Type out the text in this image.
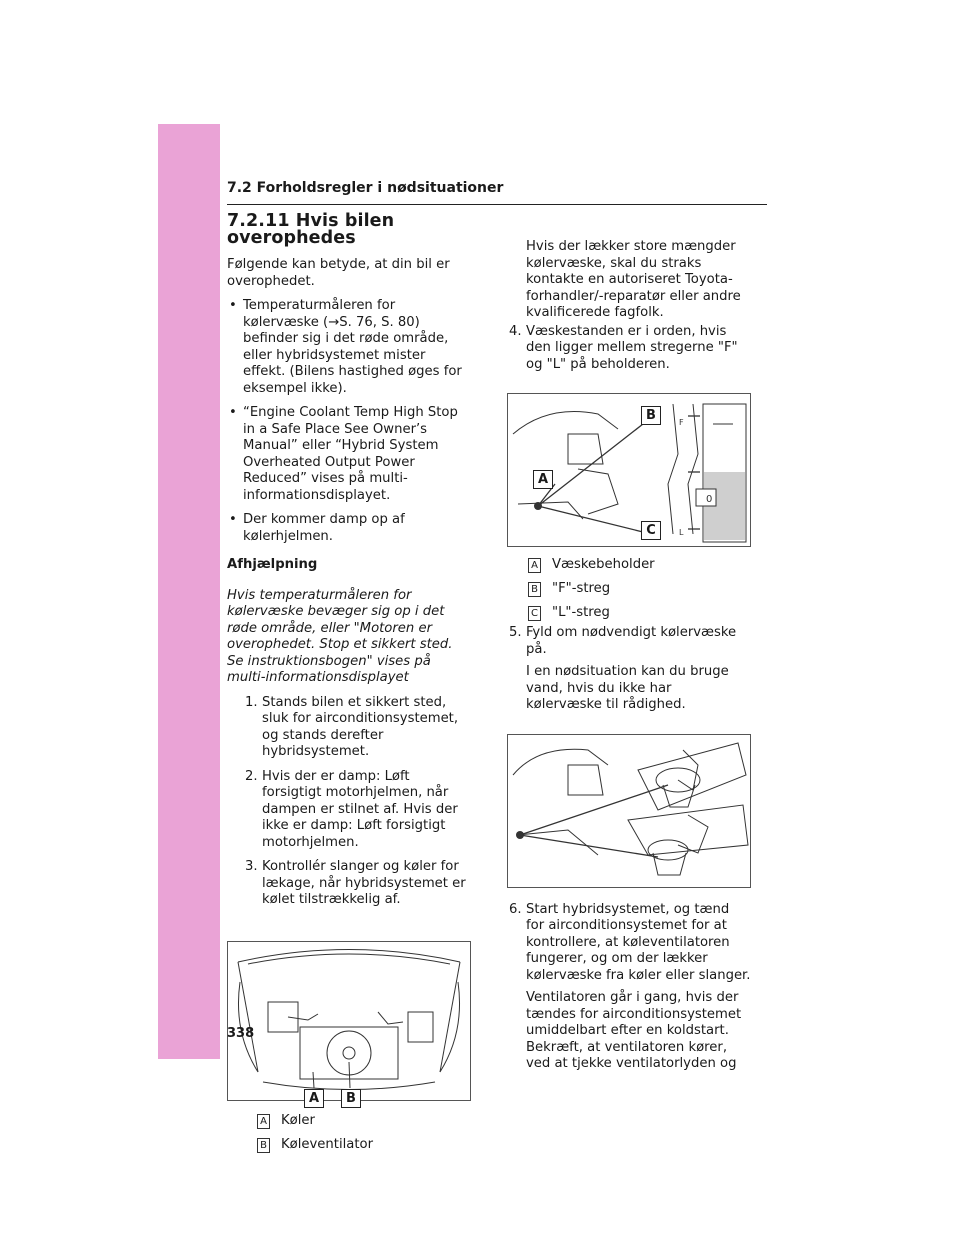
7.2 Forholdsregler i nødsituationer
7.2.11 Hvis bilen overophedes

Følgende kan betyde, at din bil er overophedet.

• Temperaturmåleren for kølervæske (→S. 76, S. 80) befinder sig i det røde område, eller hybridsystemet mister effekt. (Bilens hastighed øges for eksempel ikke).
• “Engine Coolant Temp High Stop in a Safe Place See Owner’s Manual” eller “Hybrid System Overheated Output Power Reduced” vises på multi-informationsdisplayet.
• Der kommer damp op af kølerhjelmen.

Afhjælpning

Hvis temperaturmåleren for kølervæske bevæger sig op i det røde område, eller "Motoren er overophedet. Stop et sikkert sted. Se instruktionsbogen" vises på multi-informationsdisplayet

1. Stands bilen et sikkert sted, sluk for airconditionsystemet, og stands derefter hybridsystemet.
2. Hvis der er damp: Løft forsigtigt motorhjelmen, når dampen er stilnet af. Hvis der ikke er damp: Løft forsigtigt motorhjelmen.
3. Kontrollér slanger og køler for lækage, når hybridsystemet er kølet tilstrækkelig af.
A	B
A Køler
B Køleventilator

Hvis der lækker store mængder kølervæske, skal du straks kontakte en autoriseret Toyota-forhandler/-reparatør eller andre kvalificerede fagfolk.

4. Væskestanden er i orden, hvis den ligger mellem stregerne "F" og "L" på beholderen.
0
F
L
A
B
C
A Væskebeholder
B "F"-streg
C "L"-streg
5. Fyld om nødvendigt kølervæske på.

I en nødsituation kan du bruge vand, hvis du ikke har kølervæske til rådighed.

6. Start hybridsystemet, og tænd for airconditionsystemet for at kontrollere, at køleventilatoren fungerer, og om der lækker kølervæske fra køler eller slanger.

Ventilatoren går i gang, hvis der tændes for airconditionsystemet umiddelbart efter en koldstart. Bekræft, at ventilatoren kører, ved at tjekke ventilatorlyden og

338
